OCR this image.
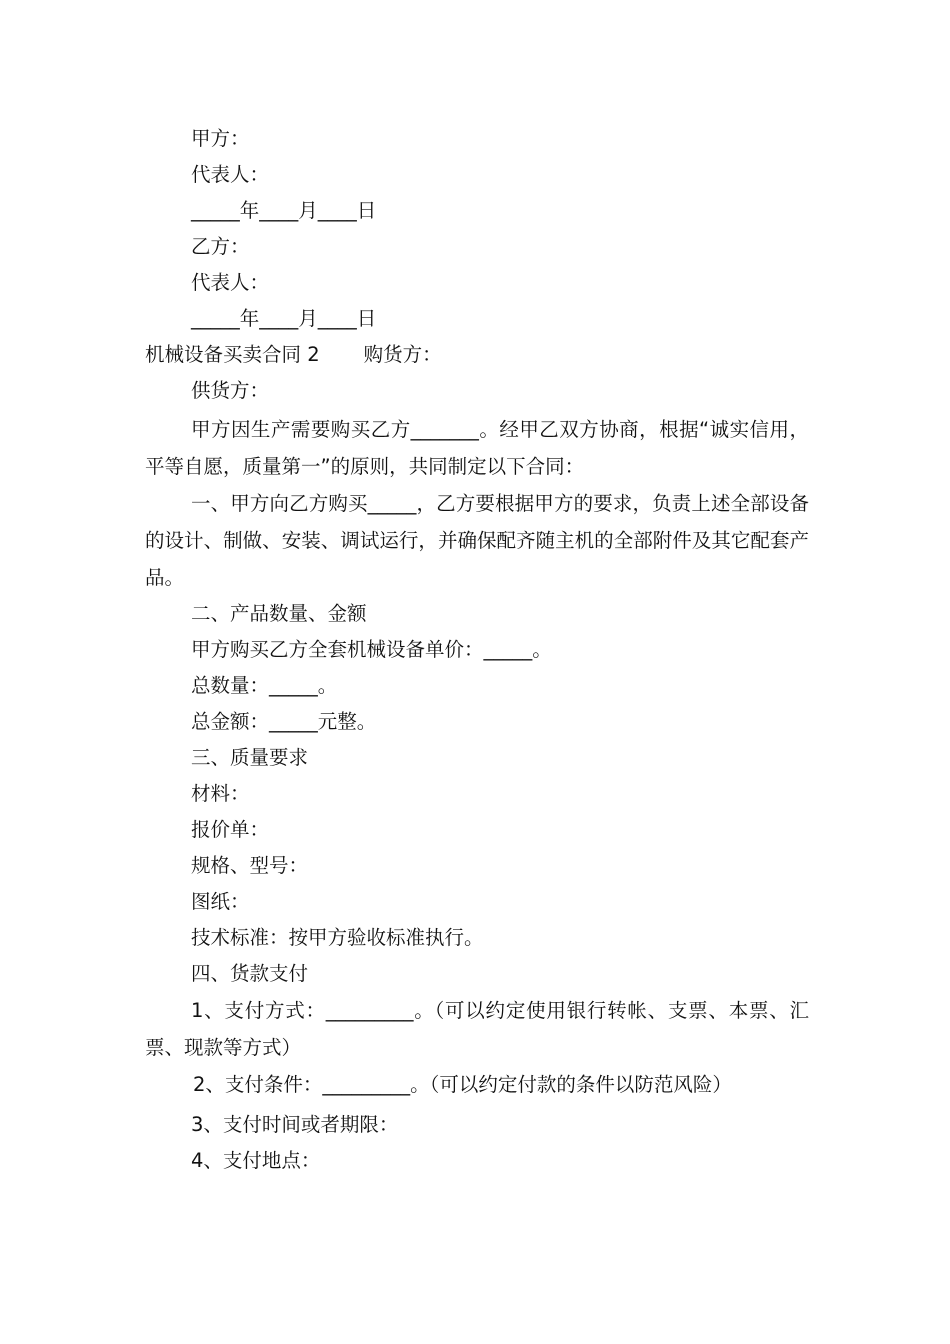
甲方：
代表人：
_____年____月____日
乙方：
代表人：
_____年____月____日
机械设备买卖合同 2 购货方：
供货方：

甲方因生产需要购买乙方_______。经甲乙双方协商，根据“诚实信用，平等自愿，质量第一”的原则，共同制定以下合同：

一、甲方向乙方购买_____，乙方要根据甲方的要求，负责上述全部设备的设计、制做、安装、调试运行，并确保配齐随主机的全部附件及其它配套产品。

二、产品数量、金额
甲方购买乙方全套机械设备单价：_____。
总数量：_____。
总金额：_____元整。
三、质量要求
材料：
报价单：
规格、型号：
图纸：
技术标准：按甲方验收标准执行。
四、货款支付

1、支付方式：_________。（可以约定使用银行转帐、支票、本票、汇票、现款等方式）

2、支付条件：_________。（可以约定付款的条件以防范风险）

3、支付时间或者期限：
4、支付地点：
